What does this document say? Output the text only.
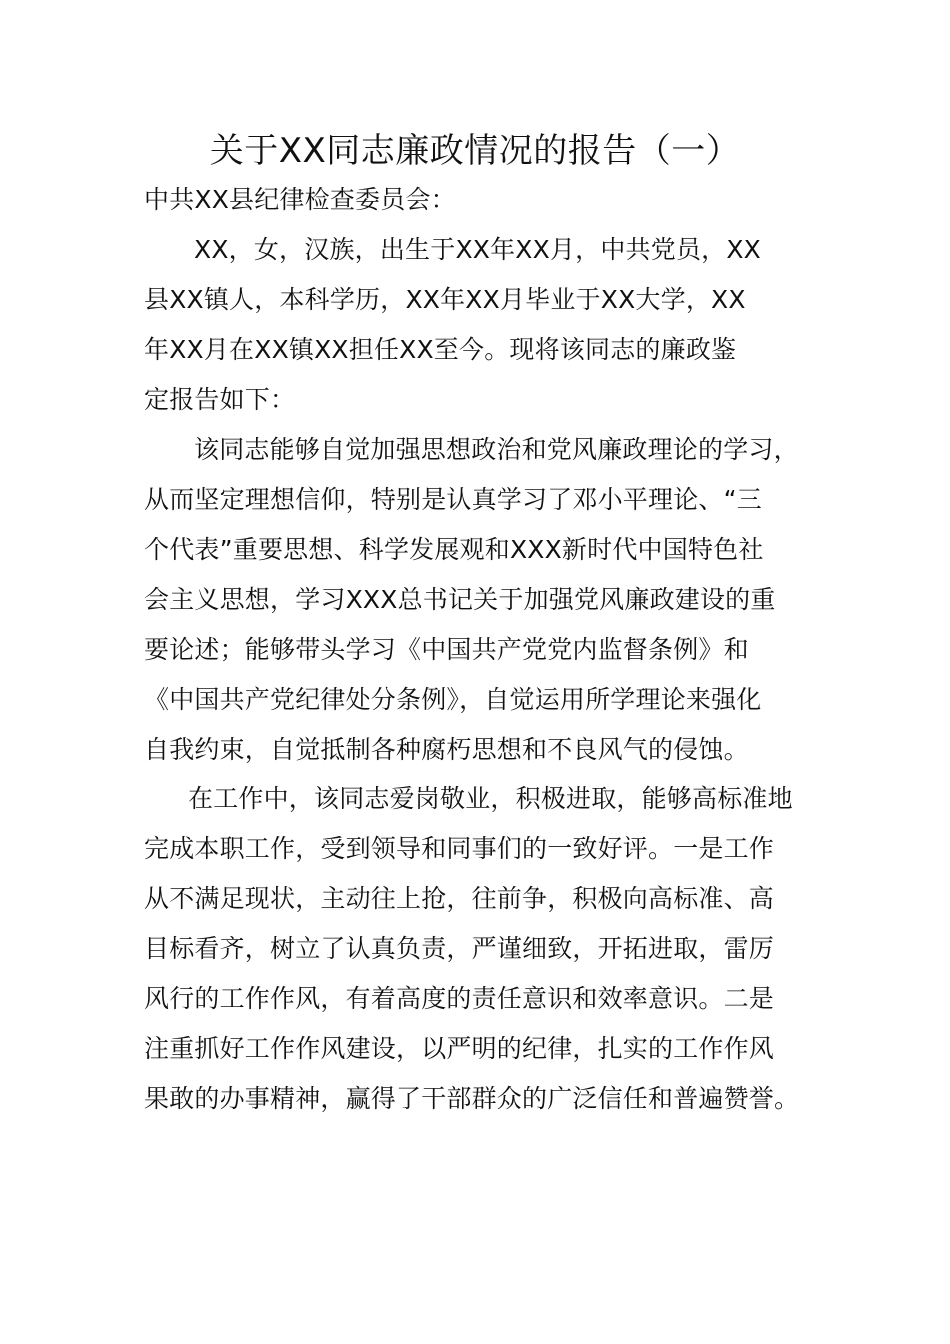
关于XX同志廉政情况的报告（一）
中共XX县纪律检查委员会：
XX，女，汉族，出生于XX年XX月，中共党员，XX
县XX镇人，本科学历，XX年XX月毕业于XX大学，XX
年XX月在XX镇XX担任XX至今。现将该同志的廉政鉴
定报告如下：
该同志能够自觉加强思想政治和党风廉政理论的学习，
从而坚定理想信仰，特别是认真学习了邓小平理论、“三
个代表”重要思想、科学发展观和XXX新时代中国特色社
会主义思想，学习XXX总书记关于加强党风廉政建设的重
要论述；能够带头学习《中国共产党党内监督条例》和
《中国共产党纪律处分条例》，自觉运用所学理论来强化
自我约束，自觉抵制各种腐朽思想和不良风气的侵蚀。
在工作中，该同志爱岗敬业，积极进取，能够高标准地
完成本职工作，受到领导和同事们的一致好评。一是工作
从不满足现状，主动往上抢，往前争，积极向高标准、高
目标看齐，树立了认真负责，严谨细致，开拓进取，雷厉
风行的工作作风，有着高度的责任意识和效率意识。二是
注重抓好工作作风建设，以严明的纪律，扎实的工作作风
果敢的办事精神，赢得了干部群众的广泛信任和普遍赞誉。
